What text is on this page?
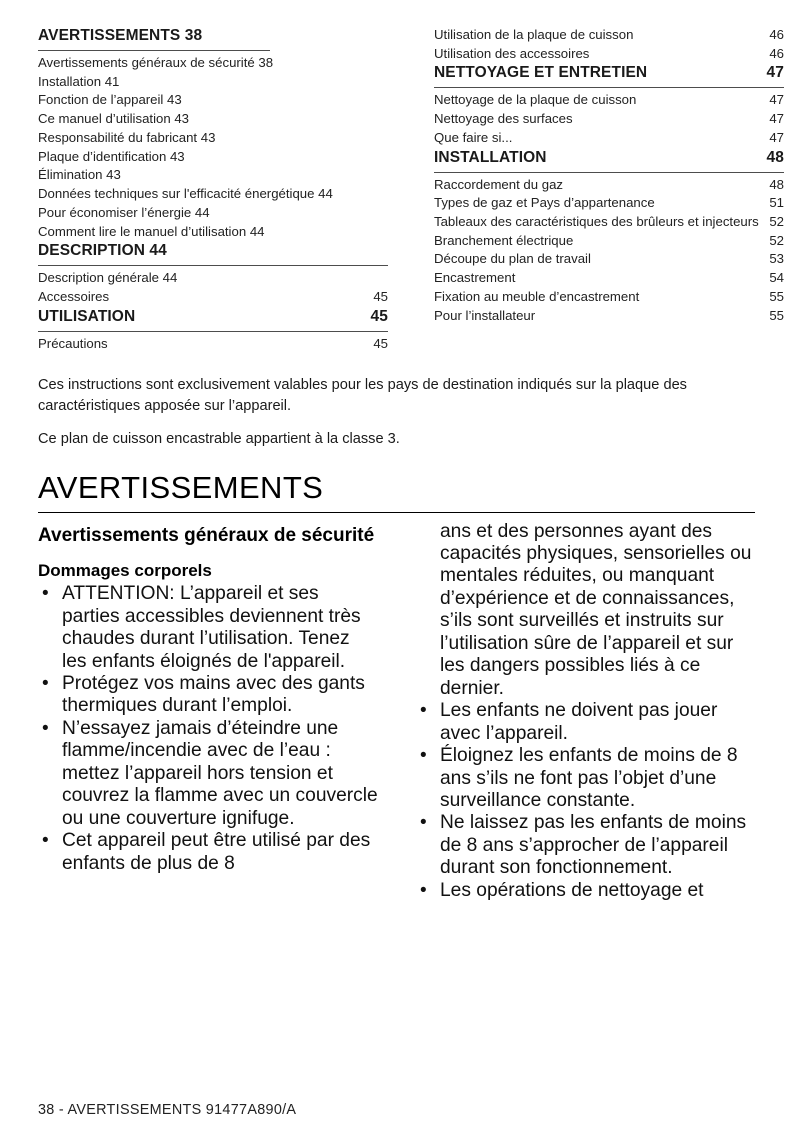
AVERTISSEMENTS 38
Avertissements généraux de sécurité 38
Installation 41
Fonction de l’appareil 43
Ce manuel d’utilisation 43
Responsabilité du fabricant 43
Plaque d’identification 43
Élimination 43
Données techniques sur l'efficacité énergétique 44
Pour économiser l’énergie 44
Comment lire le manuel d’utilisation 44
DESCRIPTION 44
Description générale 44
Accessoires	45
UTILISATION	45
Précautions	45
Utilisation de la plaque de cuisson	46
Utilisation des accessoires	46
NETTOYAGE ET ENTRETIEN	47
Nettoyage de la plaque de cuisson	47
Nettoyage des surfaces	47
Que faire si...	47
INSTALLATION	48
Raccordement du gaz	48
Types de gaz et Pays d’appartenance	51
Tableaux des caractéristiques des brûleurs et injecteurs 52
Branchement électrique	52
Découpe du plan de travail	53
Encastrement	54
Fixation au meuble d’encastrement	55
Pour l’installateur	55

Ces instructions sont exclusivement valables pour les pays de destination indiqués sur la plaque des caractéristiques apposée sur l’appareil.

Ce plan de cuisson encastrable appartient à la classe 3.

AVERTISSEMENTS
Avertissements généraux de sécurité
Dommages corporels
• ATTENTION: L’appareil et ses parties accessibles deviennent très chaudes durant l’utilisation. Tenez les enfants éloignés de l'appareil.
• Protégez vos mains avec des gants thermiques durant l’emploi.
• N’essayez jamais d’éteindre une flamme/incendie avec de l’eau : mettez l’appareil hors tension et couvrez la flamme avec un couvercle ou une couverture ignifuge.
• Cet appareil peut être utilisé par des enfants de plus de 8

ans et des personnes ayant des capacités physiques, sensorielles ou mentales réduites, ou manquant d’expérience et de connaissances, s’ils sont surveillés et instruits sur l’utilisation sûre de l’appareil et sur les dangers possibles liés à ce dernier.

• Les enfants ne doivent pas jouer avec l’appareil.
• Éloignez les enfants de moins de 8 ans s’ils ne font pas l’objet d’une surveillance constante.
• Ne laissez pas les enfants de moins de 8 ans s’approcher de l’appareil durant son fonctionnement.
• Les opérations de nettoyage et
38 - AVERTISSEMENTS 91477A890/A
